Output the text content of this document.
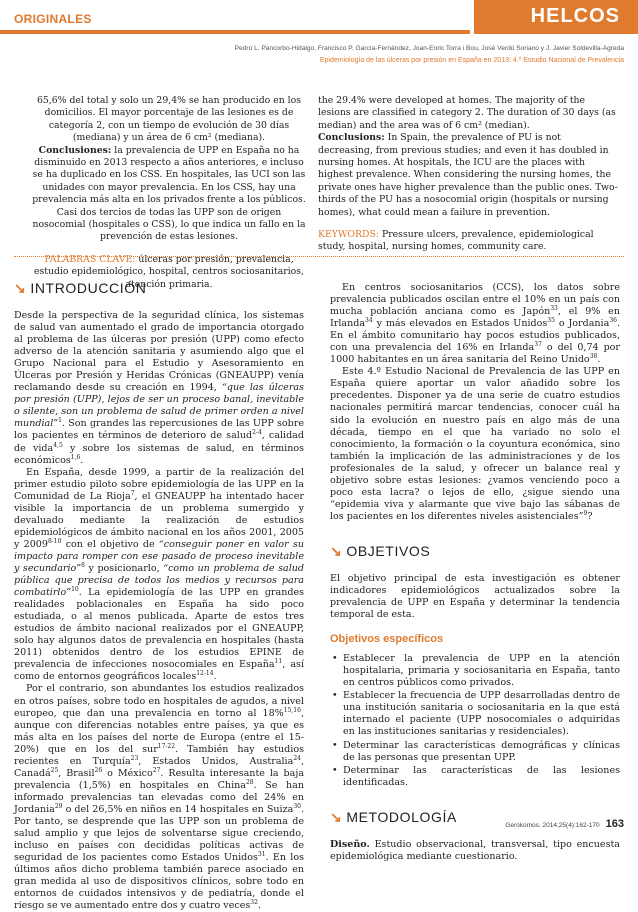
ORIGINALES	HELCOS
Pedro L. Pancorbo-Hidalgo, Francisco P. García-Fernández, Joan-Enric Torra i Bou, José Verdú Soriano y J. Javier Soldevilla-Agreda
Epidemiología de las úlceras por presión en España en 2013: 4.º Estudio Nacional de Prevalencia
65,6% del total y solo un 29,4% se han producido en los domicilios. El mayor porcentaje de las lesiones es de categoría 2, con un tiempo de evolución de 30 días (mediana) y un área de 6 cm² (mediana).
Conclusiones: la prevalencia de UPP en España no ha disminuido en 2013 respecto a años anteriores, e incluso se ha duplicado en los CSS. En hospitales, las UCI son las unidades con mayor prevalencia. En los CSS, hay una prevalencia más alta en los privados frente a los públicos. Casi dos tercios de todas las UPP son de origen nosocomial (hospitales o CSS), lo que indica un fallo en la prevención de estas lesiones.
PALABRAS CLAVE: úlceras por presión, prevalencia, estudio epidemiológico, hospital, centros sociosanitarios, atención primaria.
the 29.4% were developed at homes. The majority of the lesions are classified in category 2. The duration of 30 days (as median) and the area was of 6 cm² (median).
Conclusions: In Spain, the prevalence of PU is not decreasing, from previous studies; and even it has doubled in nursing homes. At hospitals, the ICU are the places with highest prevalence. When considering the nursing homes, the private ones have higher prevalence than the public ones. Two-thirds of the PU has a nosocomial origin (hospitals or nursing homes), what could mean a failure in prevention.
KEYWORDS: Pressure ulcers, prevalence, epidemiological study, hospital, nursing homes, community care.
↘ INTRODUCCIÓN

Desde la perspectiva de la seguridad clínica, los sistemas de salud van aumentado el grado de importancia otorgado al problema de las úlceras por presión (UPP) como efecto adverso de la atención sanitaria y asumiendo algo que el Grupo Nacional para el Estudio y Asesoramiento en Úlceras por Presión y Heridas Crónicas (GNEAUPP) venía reclamando desde su creación en 1994, “que las úlceras por presión (UPP), lejos de ser un proceso banal, inevitable o silente, son un problema de salud de primer orden a nivel mundial”$^1$. Son grandes las repercusiones de las UPP sobre los pacientes en términos de deterioro de salud$^{2-4}$, calidad de vida$^{4,5}$ y sobre los sistemas de salud, en términos económicos$^{1,6}$.

En España, desde 1999, a partir de la realización del primer estudio piloto sobre epidemiología de las UPP en la Comunidad de La Rioja$^7$, el GNEAUPP ha intentado hacer visible la importancia de un problema sumergido y devaluado mediante la realización de estudios epidemiológicos de ámbito nacional en los años 2001, 2005 y 2009$^{8-10}$ con el objetivo de “conseguir poner en valor su impacto para romper con ese pasado de proceso inevitable y secundario”$^8$ y posicionarlo, “como un problema de salud pública que precisa de todos los medios y recursos para combatirlo”$^{10}$. La epidemiología de las UPP en grandes realidades poblacionales en España ha sido poco estudiada, o al menos publicada. Aparte de estos tres estudios de ámbito nacional realizados por el GNEAUPP, solo hay algunos datos de prevalencia en hospitales (hasta 2011) obtenidos dentro de los estudios EPINE de prevalencia de infecciones nosocomiales en España$^{11}$, así como de entornos geográficos locales$^{12-14}$.

Por el contrario, son abundantes los estudios realizados en otros países, sobre todo en hospitales de agudos, a nivel europeo, que dan una prevalencia en torno al 18%$^{15,16}$, aunque con diferencias notables entre países, ya que es más alta en los países del norte de Europa (entre el 15-20%) que en los del sur$^{17-22}$. También hay estudios recientes en Turquía$^{23}$, Estados Unidos, Australia$^{24}$, Canadá$^{25}$, Brasil$^{26}$ o México$^{27}$. Resulta interesante la baja prevalencia (1,5%) en hospitales en China$^{28}$. Se han informado prevalencias tan elevadas como del 24% en Jordania$^{29}$ o del 26,5% en niños en 14 hospitales en Suiza$^{30}$. Por tanto, se desprende que las UPP son un problema de salud amplio y que lejos de solventarse sigue creciendo, incluso en países con decididas políticas activas de seguridad de los pacientes como Estados Unidos$^{31}$. En los últimos años dicho problema también parece asociado en gran medida al uso de dispositivos clínicos, sobre todo en entornos de cuidados intensivos y de pediatría, donde el riesgo se ve aumentado entre dos y cuatro veces$^{32}$.

En centros sociosanitarios (CCS), los datos sobre prevalencia publicados oscilan entre el 10% en un país con mucha población anciana como es Japón$^{33}$, el 9% en Irlanda$^{34}$ y más elevados en Estados Unidos$^{35}$ o Jordania$^{36}$. En el ámbito comunitario hay pocos estudios publicados, con una prevalencia del 16% en Irlanda$^{37}$ o del 0,74 por 1000 habitantes en un área sanitaria del Reino Unido$^{38}$.

Este 4.º Estudio Nacional de Prevalencia de las UPP en España quiere aportar un valor añadido sobre los precedentes. Disponer ya de una serie de cuatro estudios nacionales permitirá marcar tendencias, conocer cuál ha sido la evolución en nuestro país en algo más de una década, tiempo en el que ha variado no solo el conocimiento, la formación o la coyuntura económica, sino también la implicación de las administraciones y de los profesionales de la salud, y ofrecer un balance real y objetivo sobre estas lesiones: ¿vamos venciendo poco a poco esta lacra? o lejos de ello, ¿sigue siendo una “epidemia viva y alarmante que vive bajo las sábanas de los pacientes en los diferentes niveles asistenciales”$^9$?

↘ OBJETIVOS

El objetivo principal de esta investigación es obtener indicadores epidemiológicos actualizados sobre la prevalencia de UPP en España y determinar la tendencia temporal de esta.

Objetivos específicos
• Establecer la prevalencia de UPP en la atención hospitalaria, primaria y sociosanitaria en España, tanto en centros públicos como privados.
• Establecer la frecuencia de UPP desarrolladas dentro de una institución sanitaria o sociosanitaria en la que está internado el paciente (UPP nosocomiales o adquiridas en las instituciones sanitarias y residenciales).
• Determinar las características demográficas y clínicas de las personas que presentan UPP.
• Determinar las características de las lesiones identificadas.
↘ METODOLOGÍA

Diseño. Estudio observacional, transversal, tipo encuesta epidemiológica mediante cuestionario.

Gerokomos. 2014;25(4):162-170 163
